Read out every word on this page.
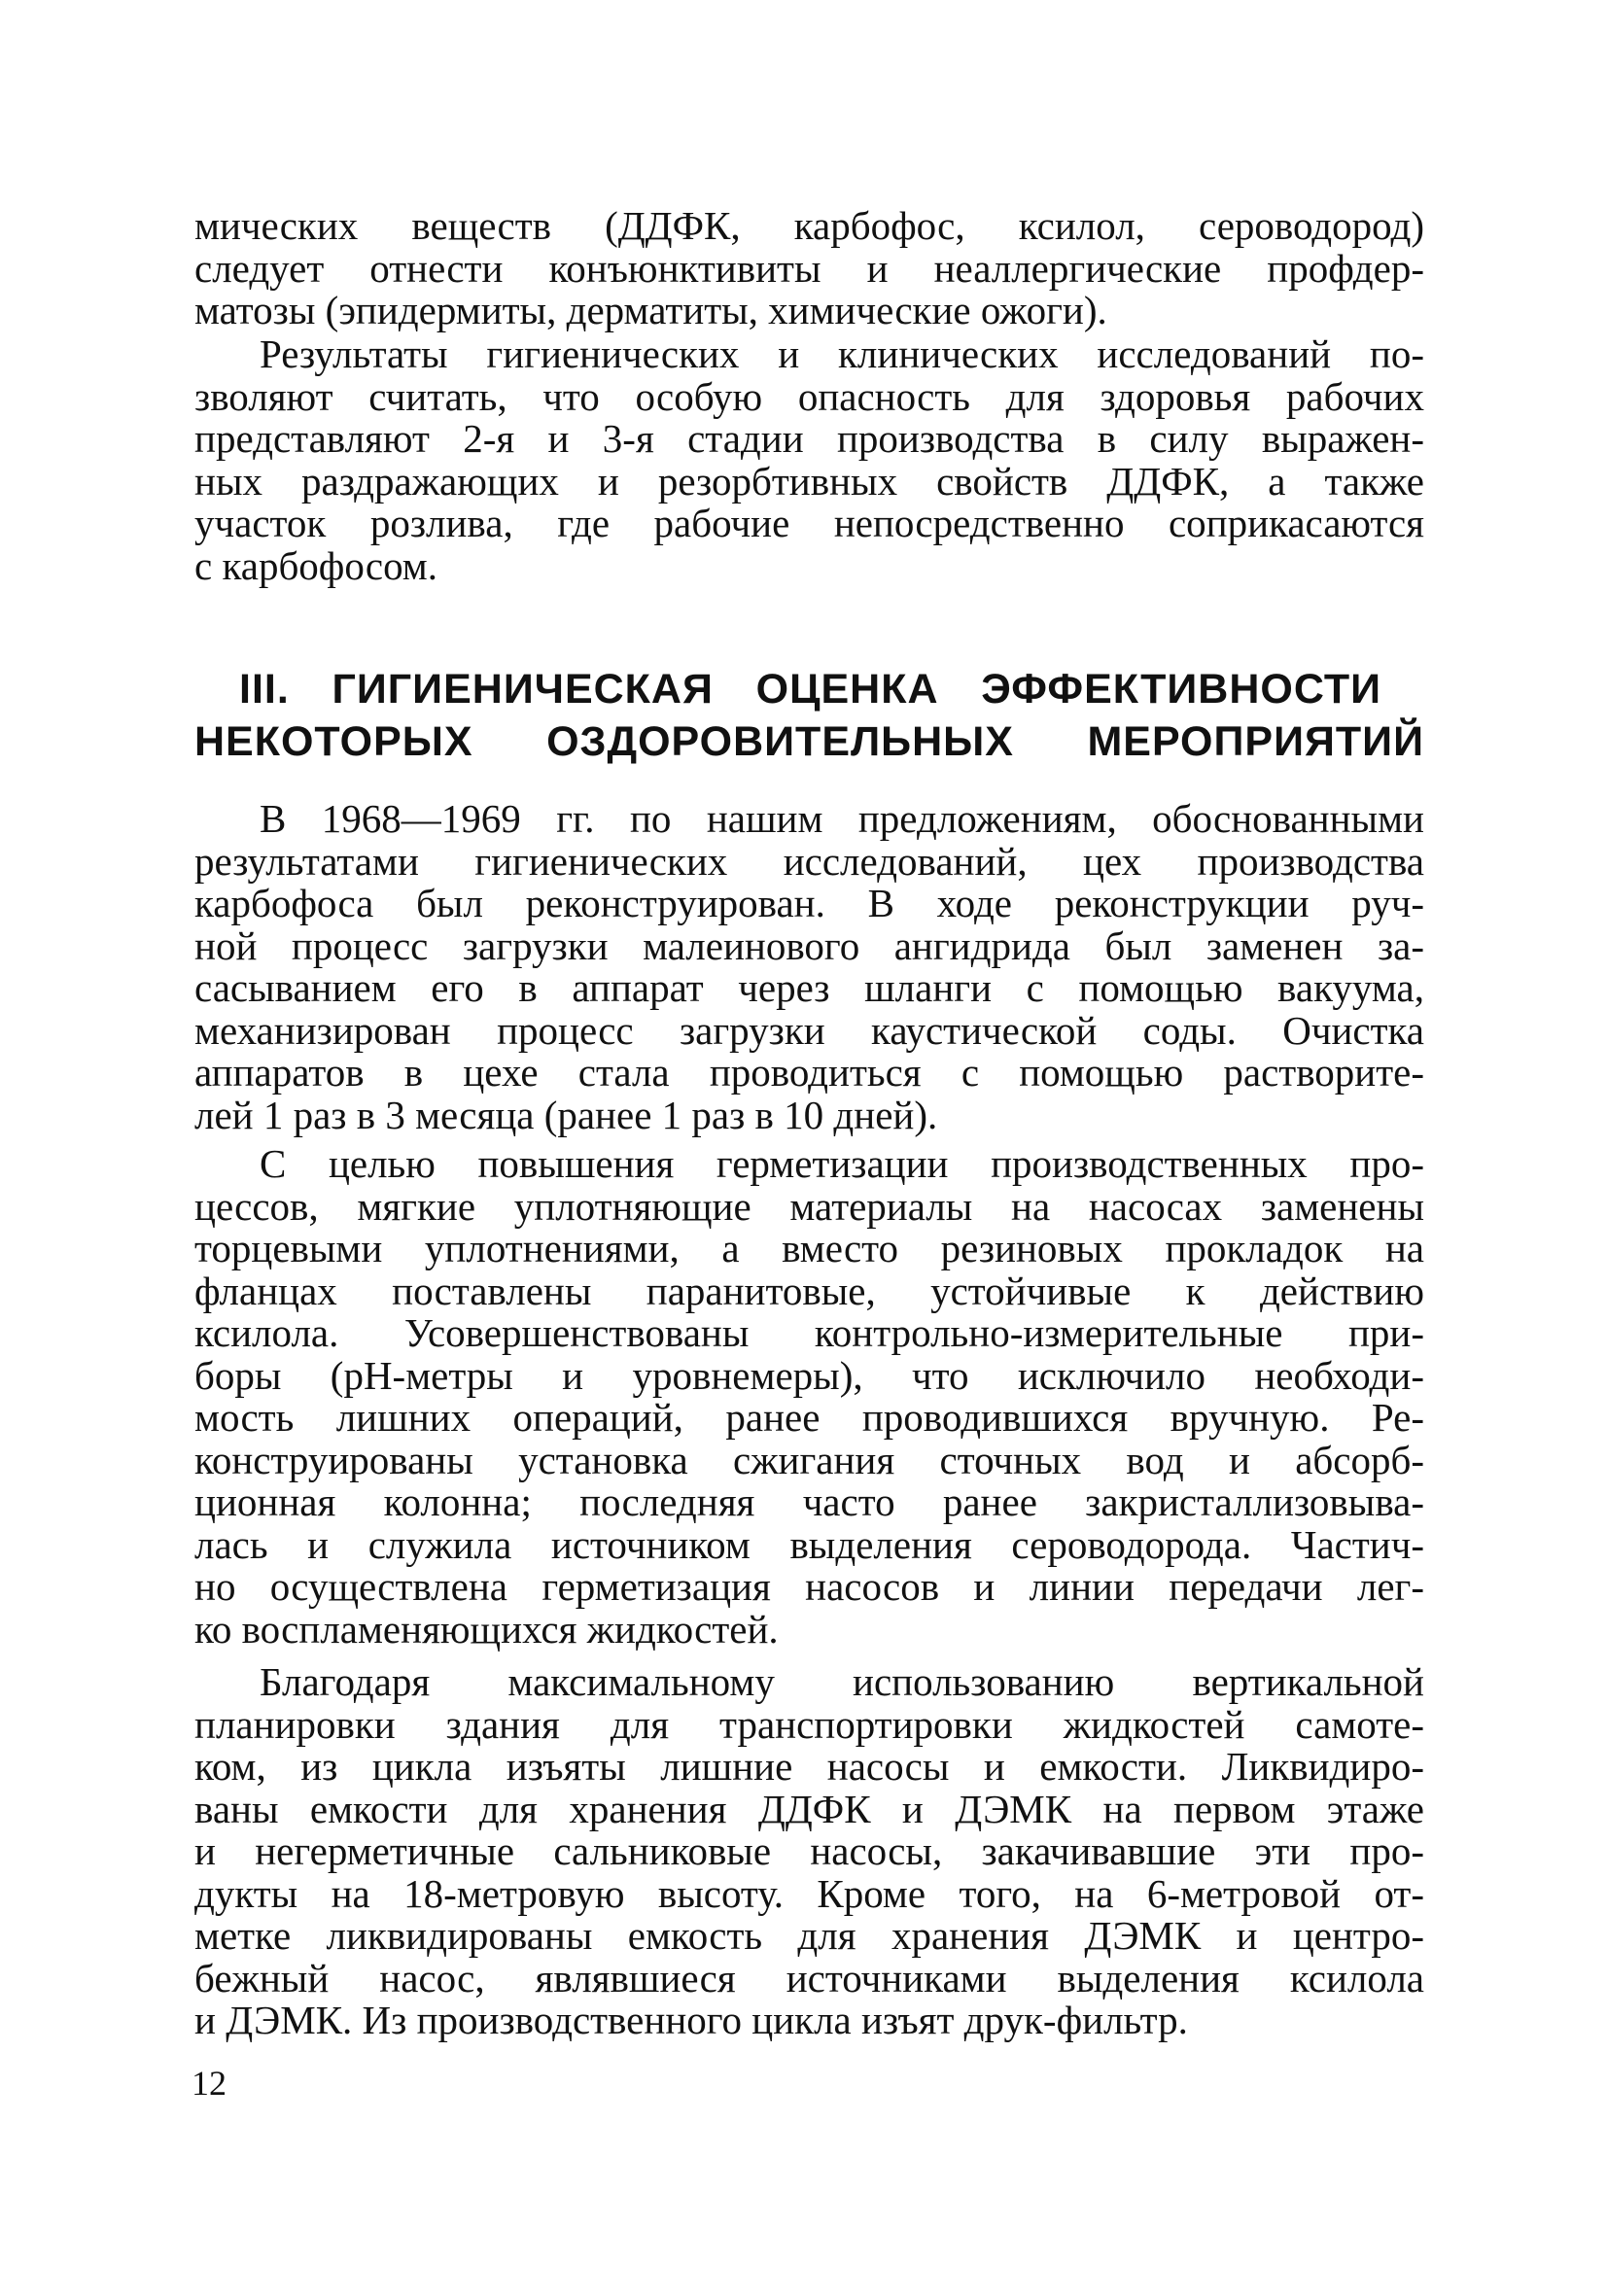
мических веществ (ДДФК, карбофос, ксилол, сероводород)
следует отнести конъюнктивиты и неаллергические профдер-
матозы (эпидермиты, дерматиты, химические ожоги).
Результаты гигиенических и клинических исследований по-
зволяют считать, что особую опасность для здоровья рабочих
представляют 2-я и 3-я стадии производства в силу выражен-
ных раздражающих и резорбтивных свойств ДДФК, а также
участок розлива, где рабочие непосредственно соприкасаются
с карбофосом.
III. ГИГИЕНИЧЕСКАЯ ОЦЕНКА ЭФФЕКТИВНОСТИ
НЕКОТОРЫХ ОЗДОРОВИТЕЛЬНЫХ МЕРОПРИЯТИЙ
В 1968—1969 гг. по нашим предложениям, обоснованными
результатами гигиенических исследований, цех производства
карбофоса был реконструирован. В ходе реконструкции руч-
ной процесс загрузки малеинового ангидрида был заменен за-
сасыванием его в аппарат через шланги с помощью вакуума,
механизирован процесс загрузки каустической соды. Очистка
аппаратов в цехе стала проводиться с помощью растворите-
лей 1 раз в 3 месяца (ранее 1 раз в 10 дней).
С целью повышения герметизации производственных про-
цессов, мягкие уплотняющие материалы на насосах заменены
торцевыми уплотнениями, а вместо резиновых прокладок на
фланцах поставлены паранитовые, устойчивые к действию
ксилола. Усовершенствованы контрольно-измерительные при-
боры (рН-метры и уровнемеры), что исключило необходи-
мость лишних операций, ранее проводившихся вручную. Ре-
конструированы установка сжигания сточных вод и абсорб-
ционная колонна; последняя часто ранее закристаллизовыва-
лась и служила источником выделения сероводорода. Частич-
но осуществлена герметизация насосов и линии передачи лег-
ко воспламеняющихся жидкостей.
Благодаря максимальному использованию вертикальной
планировки здания для транспортировки жидкостей самоте-
ком, из цикла изъяты лишние насосы и емкости. Ликвидиро-
ваны емкости для хранения ДДФК и ДЭМК на первом этаже
и негерметичные сальниковые насосы, закачивавшие эти про-
дукты на 18-метровую высоту. Кроме того, на 6-метровой от-
метке ликвидированы емкость для хранения ДЭМК и центро-
бежный насос, являвшиеся источниками выделения ксилола
и ДЭМК. Из производственного цикла изъят друк-фильтр.
12
